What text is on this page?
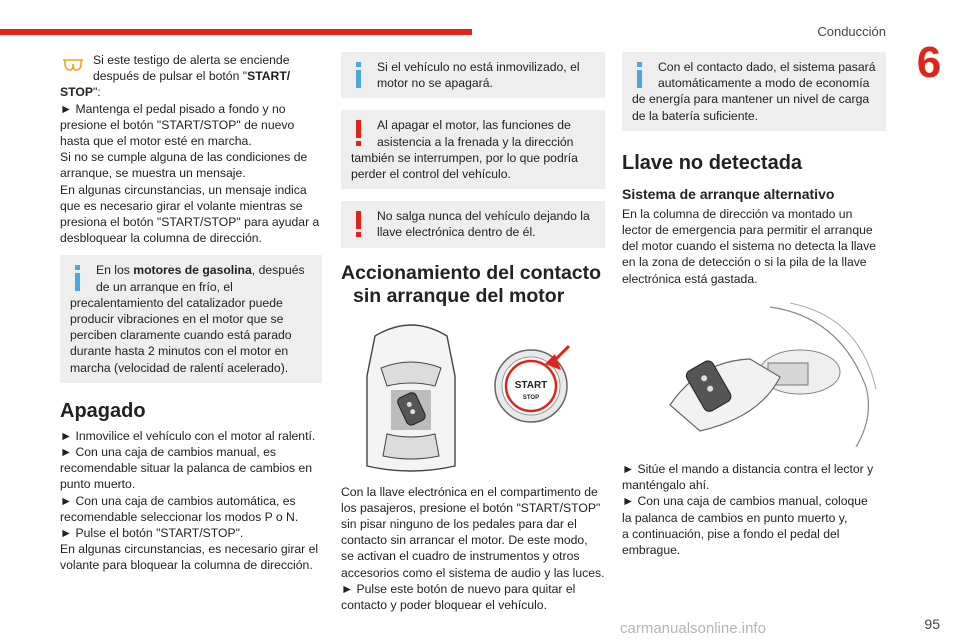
Conducción
6

Si este testigo de alerta se enciende
después de pulsar el botón "START/

STOP":

► Mantenga el pedal pisado a fondo y no

presione el botón "START/STOP" de nuevo

hasta que el motor esté en marcha.

Si no se cumple alguna de las condiciones de

arranque, se muestra un mensaje.

En algunas circunstancias, un mensaje indica

que es necesario girar el volante mientras se

presiona el botón "START/STOP" para ayudar a

desbloquear la columna de dirección.

En los motores de gasolina, después

de un arranque en frío, el

precalentamiento del catalizador puede

producir vibraciones en el motor que se

perciben claramente cuando está parado

durante hasta 2 minutos con el motor en

marcha (velocidad de ralentí acelerado).

Apagado

► Inmovilice el vehículo con el motor al ralentí.

► Con una caja de cambios manual, es

recomendable situar la palanca de cambios en

punto muerto.

► Con una caja de cambios automática, es

recomendable seleccionar los modos P o N.

► Pulse el botón "START/STOP".

En algunas circunstancias, es necesario girar el

volante para bloquear la columna de dirección.

Si el vehículo no está inmovilizado, el

motor no se apagará.

Al apagar el motor, las funciones de

asistencia a la frenada y la dirección

también se interrumpen, por lo que podría

perder el control del vehículo.

No salga nunca del vehículo dejando la

llave electrónica dentro de él.

Accionamiento del contacto
sin arranque del motor
START
STOP

Con la llave electrónica en el compartimento de

los pasajeros, presione el botón "START/STOP"

sin pisar ninguno de los pedales para dar el

contacto sin arrancar el motor. De este modo,

se activan el cuadro de instrumentos y otros

accesorios como el sistema de audio y las luces.

► Pulse este botón de nuevo para quitar el

contacto y poder bloquear el vehículo.

Con el contacto dado, el sistema pasará

automáticamente a modo de economía

de energía para mantener un nivel de carga

de la batería suficiente.

Llave no detectada
Sistema de arranque alternativo

En la columna de dirección va montado un

lector de emergencia para permitir el arranque

del motor cuando el sistema no detecta la llave

en la zona de detección o si la pila de la llave

electrónica está gastada.

► Sitúe el mando a distancia contra el lector y

manténgalo ahí.

► Con una caja de cambios manual, coloque

la palanca de cambios en punto muerto y,

a continuación, pise a fondo el pedal del

embrague.

carmanualsonline.info	95
